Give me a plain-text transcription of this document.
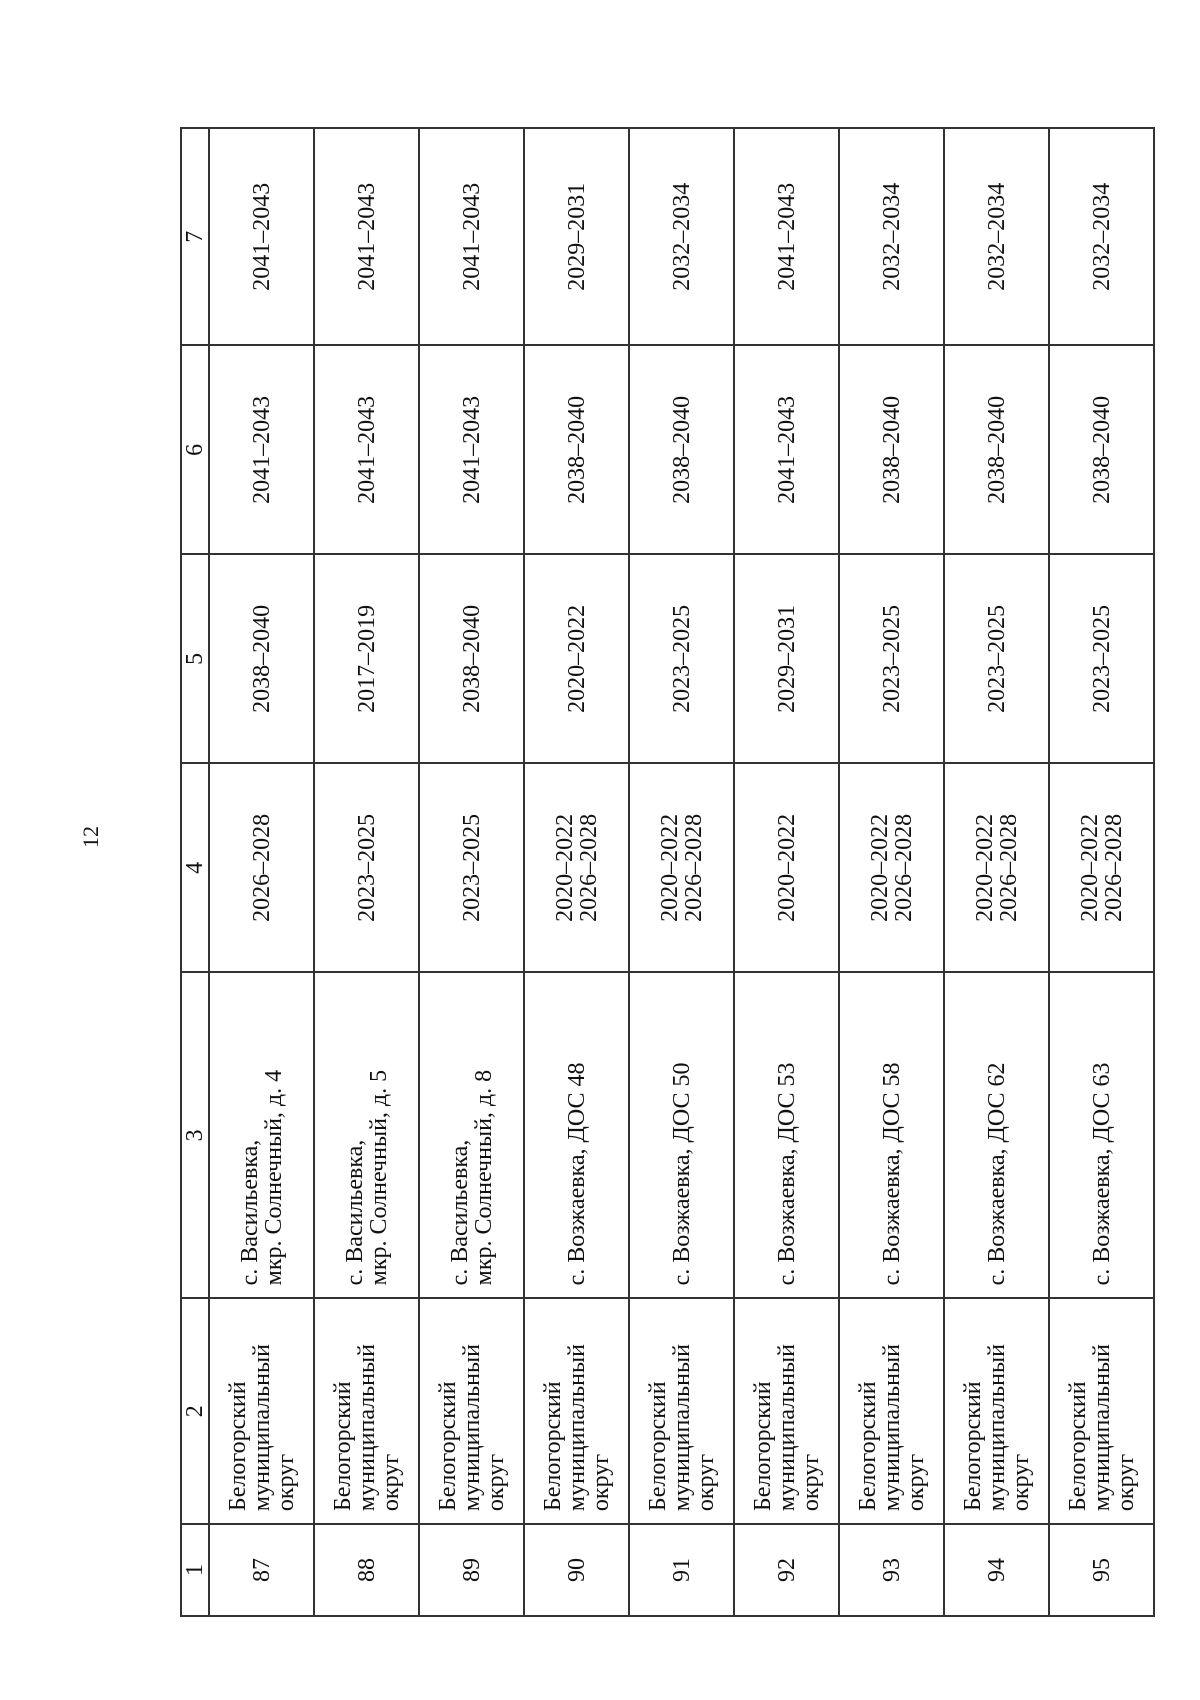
12
1	2	3	4	5	6	7
87	Белогорский
муниципальный
округ	с. Васильевка,
мкр. Солнечный, д. 4	2026–2028	2038–2040	2041–2043	2041–2043
88	Белогорский
муниципальный
округ	с. Васильевка,
мкр. Солнечный, д. 5	2023–2025	2017–2019	2041–2043	2041–2043
89	Белогорский
муниципальный
округ	с. Васильевка,
мкр. Солнечный, д. 8	2023–2025	2038–2040	2041–2043	2041–2043
90	Белогорский
муниципальный
округ	с. Возжаевка, ДОС 48	2020–2022
2026–2028	2020–2022	2038–2040	2029–2031
91	Белогорский
муниципальный
округ	с. Возжаевка, ДОС 50	2020–2022
2026–2028	2023–2025	2038–2040	2032–2034
92	Белогорский
муниципальный
округ	с. Возжаевка, ДОС 53	2020–2022	2029–2031	2041–2043	2041–2043
93	Белогорский
муниципальный
округ	с. Возжаевка, ДОС 58	2020–2022
2026–2028	2023–2025	2038–2040	2032–2034
94	Белогорский
муниципальный
округ	с. Возжаевка, ДОС 62	2020–2022
2026–2028	2023–2025	2038–2040	2032–2034
95	Белогорский
муниципальный
округ	с. Возжаевка, ДОС 63	2020–2022
2026–2028	2023–2025	2038–2040	2032–2034
